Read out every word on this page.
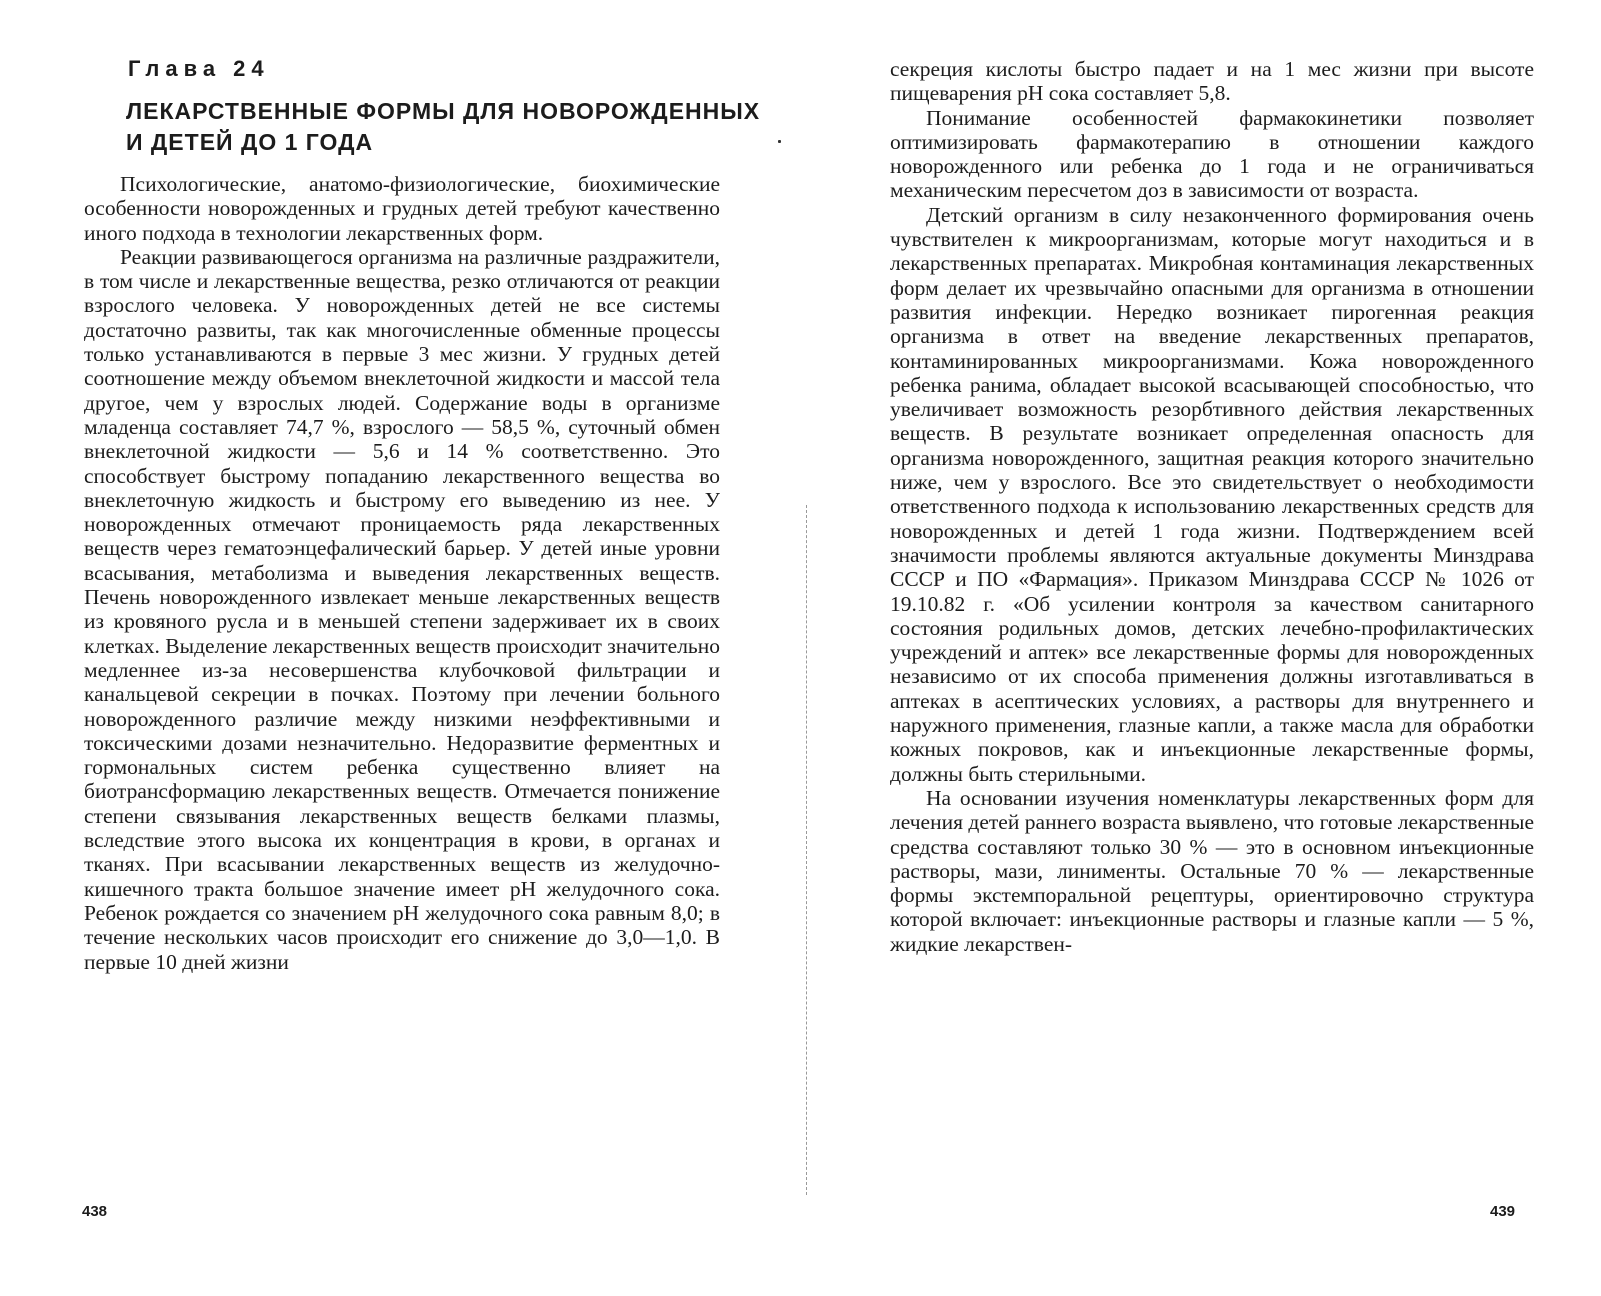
Глава 24
ЛЕКАРСТВЕННЫЕ ФОРМЫ ДЛЯ НОВОРОЖДЕННЫХ И ДЕТЕЙ ДО 1 ГОДА

Психологические, анатомо-физиологические, биохимические особенности новорожденных и грудных детей требуют качественно иного подхода в технологии лекарственных форм.

Реакции развивающегося организма на различные раздражители, в том числе и лекарственные вещества, резко отличаются от реакции взрослого человека. У новорожденных детей не все системы достаточно развиты, так как многочисленные обменные процессы только устанавливаются в первые 3 мес жизни. У грудных детей соотношение между объемом внеклеточной жидкости и массой тела другое, чем у взрослых людей. Содержание воды в организме младенца составляет 74,7 %, взрослого — 58,5 %, суточный обмен внеклеточной жидкости — 5,6 и 14 % соответственно. Это способствует быстрому попаданию лекарственного вещества во внеклеточную жидкость и быстрому его выведению из нее. У новорожденных отмечают проницаемость ряда лекарственных веществ через гематоэнцефалический барьер. У детей иные уровни всасывания, метаболизма и выведения лекарственных веществ. Печень новорожденного извлекает меньше лекарственных веществ из кровяного русла и в меньшей степени задерживает их в своих клетках. Выделение лекарственных веществ происходит значительно медленнее из-за несовершенства клубочковой фильтрации и канальцевой секреции в почках. Поэтому при лечении больного новорожденного различие между низкими неэффективными и токсическими дозами незначительно. Недоразвитие ферментных и гормональных систем ребенка существенно влияет на биотрансформацию лекарственных веществ. Отмечается понижение степени связывания лекарственных веществ белками плазмы, вследствие этого высока их концентрация в крови, в органах и тканях. При всасывании лекарственных веществ из желудочно-кишечного тракта большое значение имеет pH желудочного сока. Ребенок рождается со значением pH желудочного сока равным 8,0; в течение нескольких часов происходит его снижение до 3,0—1,0. В первые 10 дней жизни

438

секреция кислоты быстро падает и на 1 мес жизни при высоте пищеварения pH сока составляет 5,8.

Понимание особенностей фармакокинетики позволяет оптимизировать фармакотерапию в отношении каждого новорожденного или ребенка до 1 года и не ограничиваться механическим пересчетом доз в зависимости от возраста.

Детский организм в силу незаконченного формирования очень чувствителен к микроорганизмам, которые могут находиться и в лекарственных препаратах. Микробная контаминация лекарственных форм делает их чрезвычайно опасными для организма в отношении развития инфекции. Нередко возникает пирогенная реакция организма в ответ на введение лекарственных препаратов, контаминированных микроорганизмами. Кожа новорожденного ребенка ранима, обладает высокой всасывающей способностью, что увеличивает возможность резорбтивного действия лекарственных веществ. В результате возникает определенная опасность для организма новорожденного, защитная реакция которого значительно ниже, чем у взрослого. Все это свидетельствует о необходимости ответственного подхода к использованию лекарственных средств для новорожденных и детей 1 года жизни. Подтверждением всей значимости проблемы являются актуальные документы Минздрава СССР и ПО «Фармация». Приказом Минздрава СССР № 1026 от 19.10.82 г. «Об усилении контроля за качеством санитарного состояния родильных домов, детских лечебно-профилактических учреждений и аптек» все лекарственные формы для новорожденных независимо от их способа применения должны изготавливаться в аптеках в асептических условиях, а растворы для внутреннего и наружного применения, глазные капли, а также масла для обработки кожных покровов, как и инъекционные лекарственные формы, должны быть стерильными.

На основании изучения номенклатуры лекарственных форм для лечения детей раннего возраста выявлено, что готовые лекарственные средства составляют только 30 % — это в основном инъекционные растворы, мази, линименты. Остальные 70 % — лекарственные формы экстемпоральной рецептуры, ориентировочно структура которой включает: инъекционные растворы и глазные капли — 5 %, жидкие лекарствен-

439
